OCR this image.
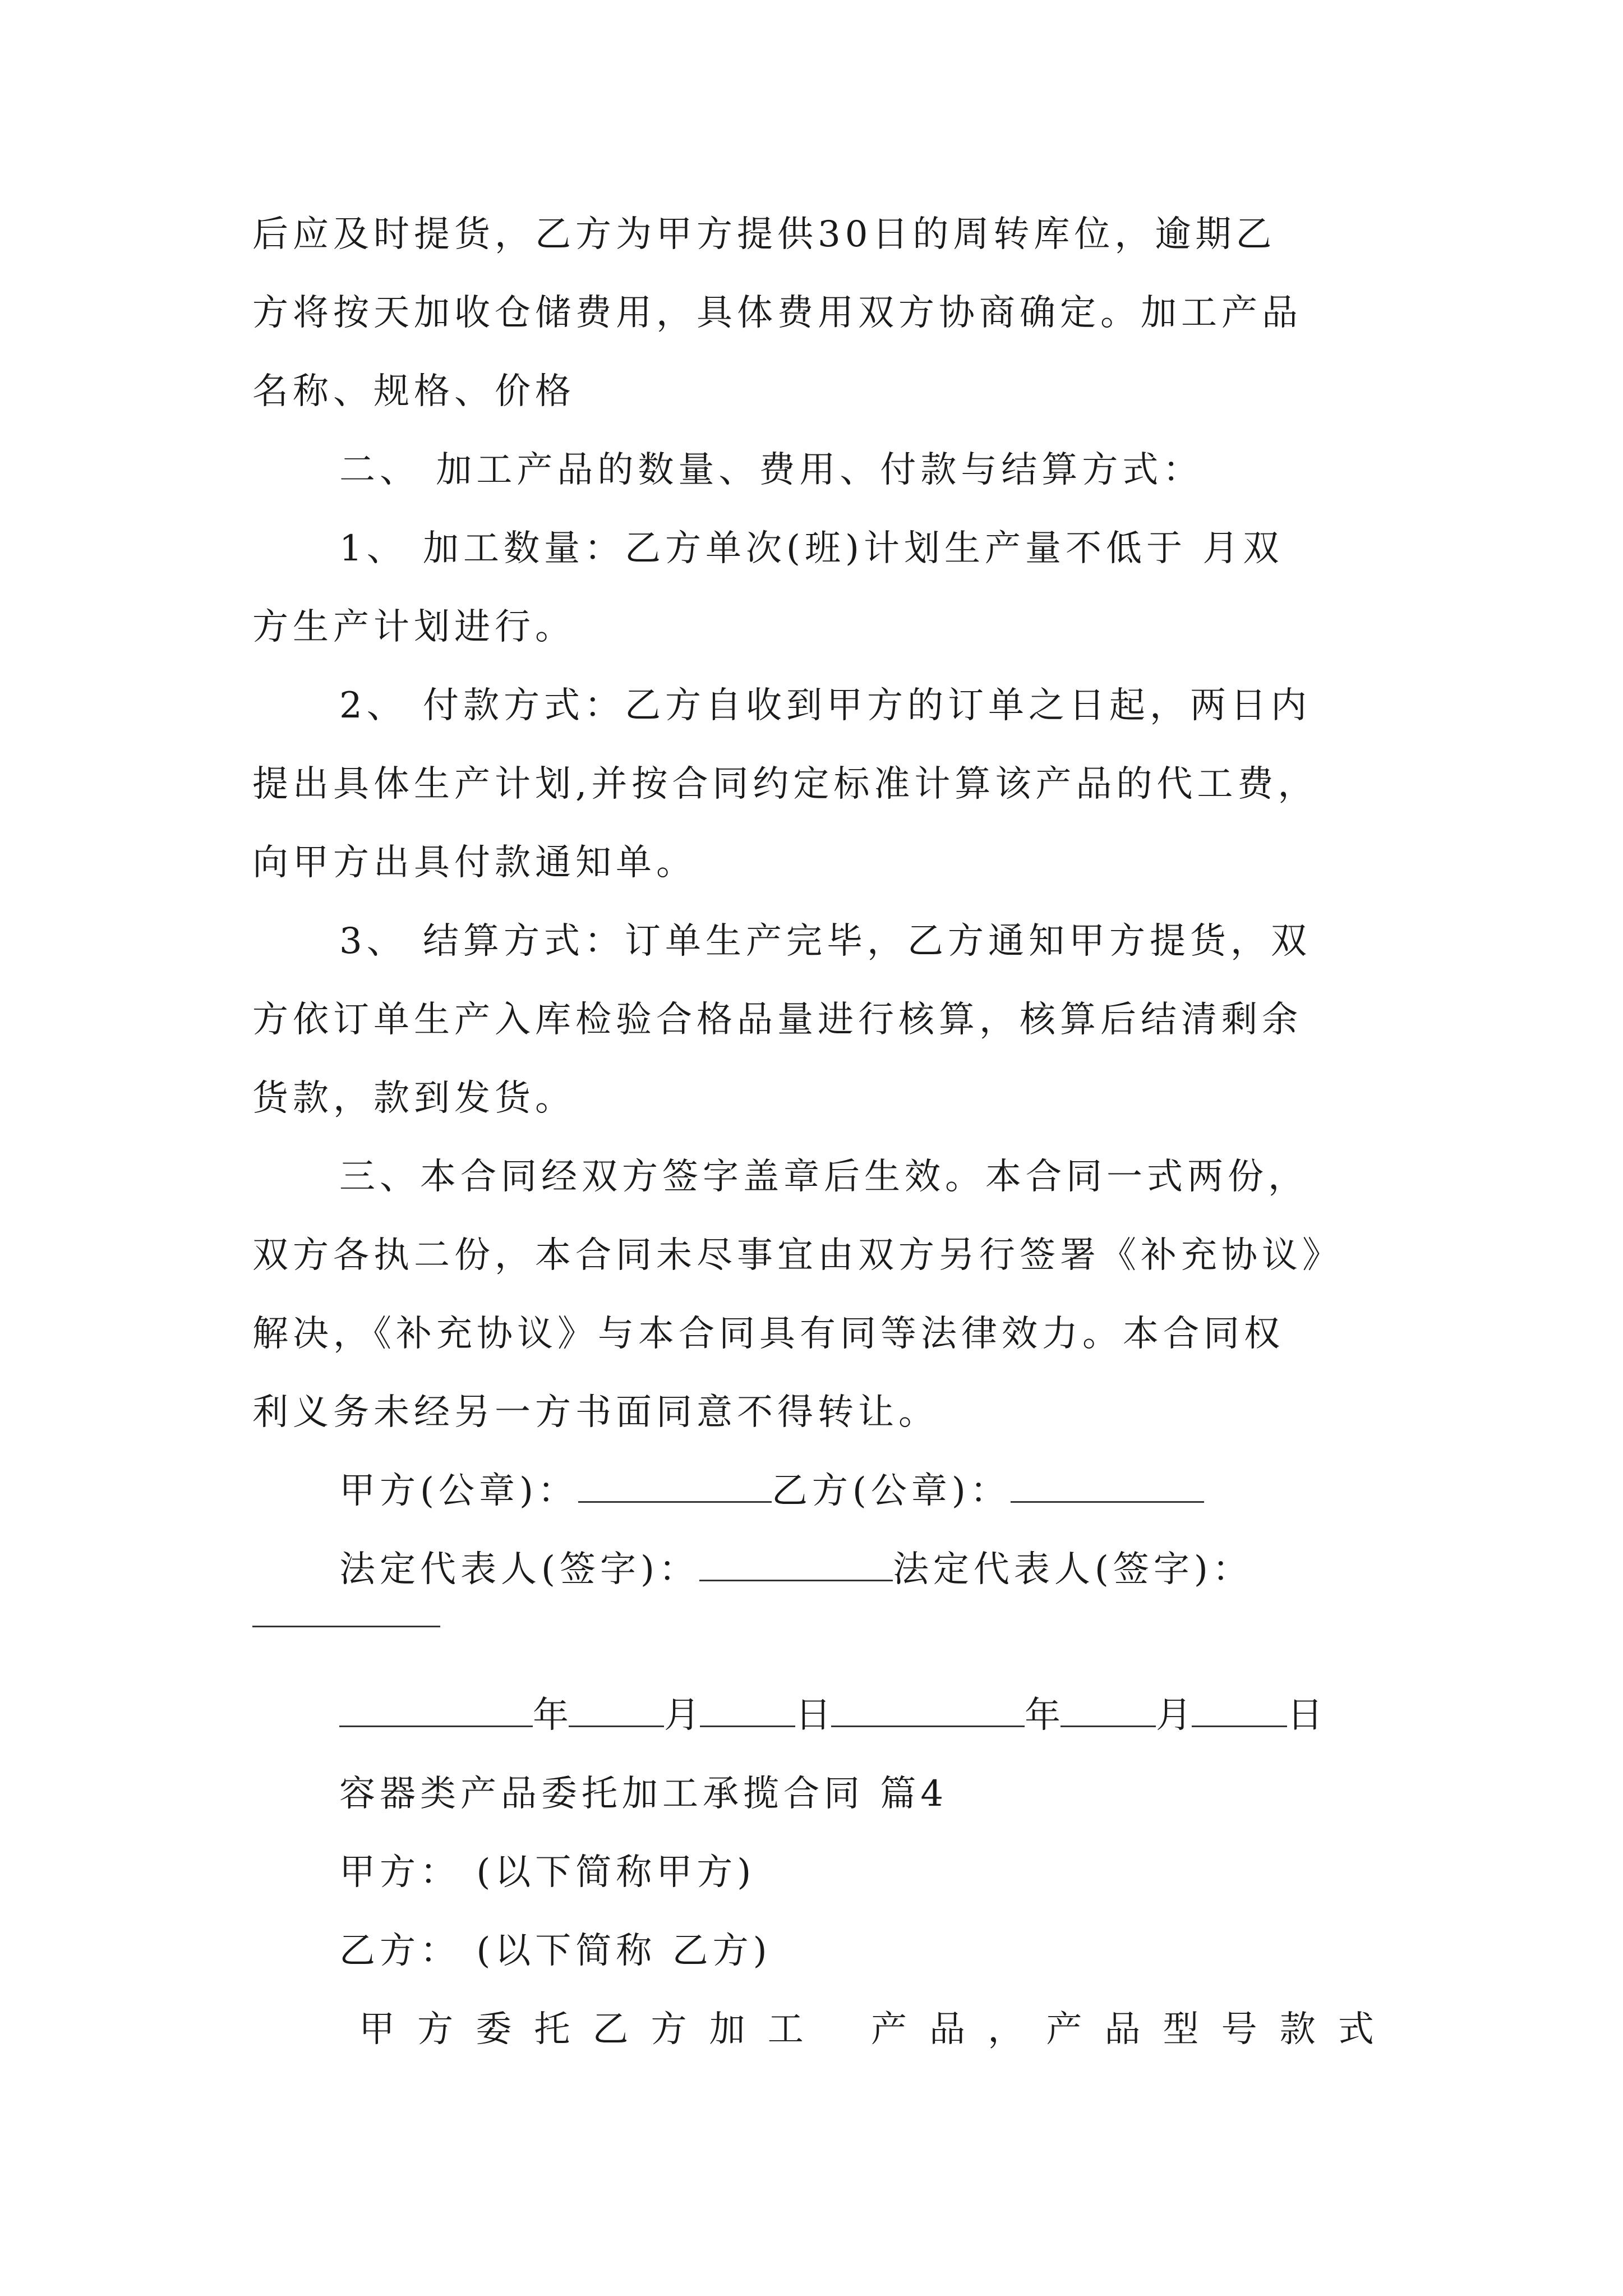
后应及时提货，乙方为甲方提供30日的周转库位，逾期乙
方将按天加收仓储费用，具体费用双方协商确定。加工产品
名称、规格、价格
二、 加工产品的数量、费用、付款与结算方式：
1、 加工数量：乙方单次(班)计划生产量不低于 月双
方生产计划进行。
2、 付款方式：乙方自收到甲方的订单之日起，两日内
提出具体生产计划,并按合同约定标准计算该产品的代工费，
向甲方出具付款通知单。
3、 结算方式：订单生产完毕，乙方通知甲方提货，双
方依订单生产入库检验合格品量进行核算，核算后结清剩余
货款，款到发货。
三、本合同经双方签字盖章后生效。本合同一式两份，
双方各执二份，本合同未尽事宜由双方另行签署《补充协议》
解决，《补充协议》与本合同具有同等法律效力。本合同权
利义务未经另一方书面同意不得转让。
甲方(公章)：	乙方(公章)：
法定代表人(签字)：	法定代表人(签字)：
年	月	日	年	月	日
容器类产品委托加工承揽合同 篇4
甲方： (以下简称甲方)
乙方： (以下简称 乙方)
甲 方 委 托 乙 方 加 工 产 品 ， 产 品 型 号 款 式
